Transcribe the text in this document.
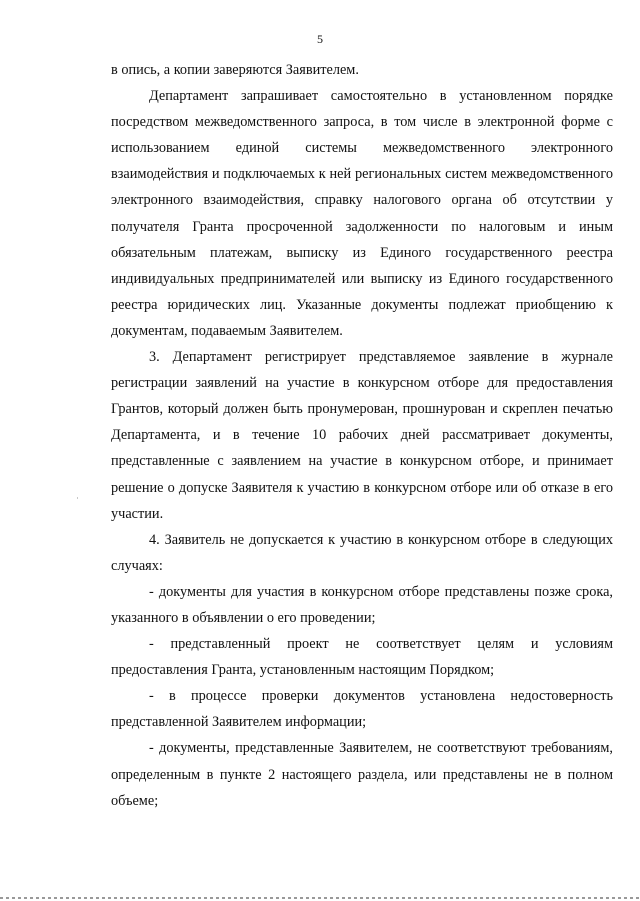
5

в опись, а копии заверяются Заявителем.

Департамент запрашивает самостоятельно в установленном порядке посредством межведомственного запроса, в том числе в электронной форме с использованием единой системы межведомственного электронного взаимодействия и подключаемых к ней региональных систем межведомственного электронного взаимодействия, справку налогового органа об отсутствии у получателя Гранта просроченной задолженности по налоговым и иным обязательным платежам, выписку из Единого государственного реестра индивидуальных предпринимателей или выписку из Единого государственного реестра юридических лиц. Указанные документы подлежат приобщению к документам, подаваемым Заявителем.

3. Департамент регистрирует представляемое заявление в журнале регистрации заявлений на участие в конкурсном отборе для предоставления Грантов, который должен быть пронумерован, прошнурован и скреплен печатью Департамента, и в течение 10 рабочих дней рассматривает документы, представленные с заявлением на участие в конкурсном отборе, и принимает решение о допуске Заявителя к участию в конкурсном отборе или об отказе в его участии.

4. Заявитель не допускается к участию в конкурсном отборе в следующих случаях:

- документы для участия в конкурсном отборе представлены позже срока, указанного в объявлении о его проведении;

- представленный проект не соответствует целям и условиям предоставления Гранта, установленным настоящим Порядком;

- в процессе проверки документов установлена недостоверность представленной Заявителем информации;

- документы, представленные Заявителем, не соответствуют требованиям, определенным в пункте 2 настоящего раздела, или представлены не в полном объеме;
